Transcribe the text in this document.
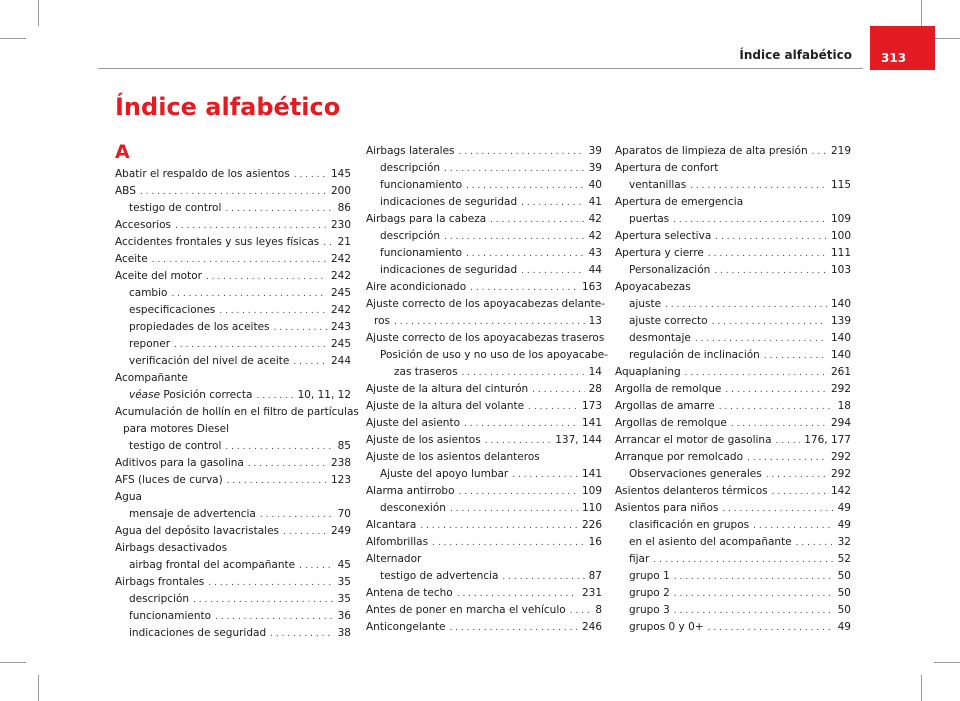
Índice alfabético 313
Índice alfabético
A
Abatir el respaldo de los asientos . . .	145
ABS . . .	200
testigo de control . . .	86
Accesorios . . .	230
Accidentes frontales y sus leyes físicas . . .	21
Aceite . . .	242
Aceite del motor . . .	242
cambio . . .	245
especificaciones . . .	242
propiedades de los aceites . . .	243
reponer . . .	245
verificación del nivel de aceite . . .	244
Acompañante
véase Posición correcta . . .	10, 11, 12
Acumulación de hollín en el filtro de partículas
para motores Diesel
testigo de control . . .	85
Aditivos para la gasolina . . .	238
AFS (luces de curva) . . .	123
Agua
mensaje de advertencia . . .	70
Agua del depósito lavacristales . . .	249
Airbags desactivados
airbag frontal del acompañante . . .	45
Airbags frontales . . .	35
descripción . . .	35
funcionamiento . . .	36
indicaciones de seguridad . . .	38
Airbags laterales . . .	39
descripción . . .	39
funcionamiento . . .	40
indicaciones de seguridad . . .	41
Airbags para la cabeza . . .	42
descripción . . .	42
funcionamiento . . .	43
indicaciones de seguridad . . .	44
Aire acondicionado . . .	163
Ajuste correcto de los apoyacabezas delante-
ros . . .	13
Ajuste correcto de los apoyacabezas traseros
Posición de uso y no uso de los apoyacabe-
zas traseros . . .	14
Ajuste de la altura del cinturón . . .	28
Ajuste de la altura del volante . . .	173
Ajuste del asiento . . .	141
Ajuste de los asientos . . .	137, 144
Ajuste de los asientos delanteros
Ajuste del apoyo lumbar . . .	141
Alarma antirrobo . . .	109
desconexión . . .	110
Alcantara . . .	226
Alfombrillas . . .	16
Alternador
testigo de advertencia . . .	87
Antena de techo . . .	231
Antes de poner en marcha el vehículo . . .	8
Anticongelante . . .	246
Aparatos de limpieza de alta presión . . .	219
Apertura de confort
ventanillas . . .	115
Apertura de emergencia
puertas . . .	109
Apertura selectiva . . .	100
Apertura y cierre . . .	111
Personalización . . .	103
Apoyacabezas
ajuste . . .	140
ajuste correcto . . .	139
desmontaje . . .	140
regulación de inclinación . . .	140
Aquaplaning . . .	261
Argolla de remolque . . .	292
Argollas de amarre . . .	18
Argollas de remolque . . .	294
Arrancar el motor de gasolina . . .	176, 177
Arranque por remolcado . . .	292
Observaciones generales . . .	292
Asientos delanteros térmicos . . .	142
Asientos para niños . . .	49
clasificación en grupos . . .	49
en el asiento del acompañante . . .	32
fijar . . .	52
grupo 1 . . .	50
grupo 2 . . .	50
grupo 3 . . .	50
grupos 0 y 0+ . . .	49
